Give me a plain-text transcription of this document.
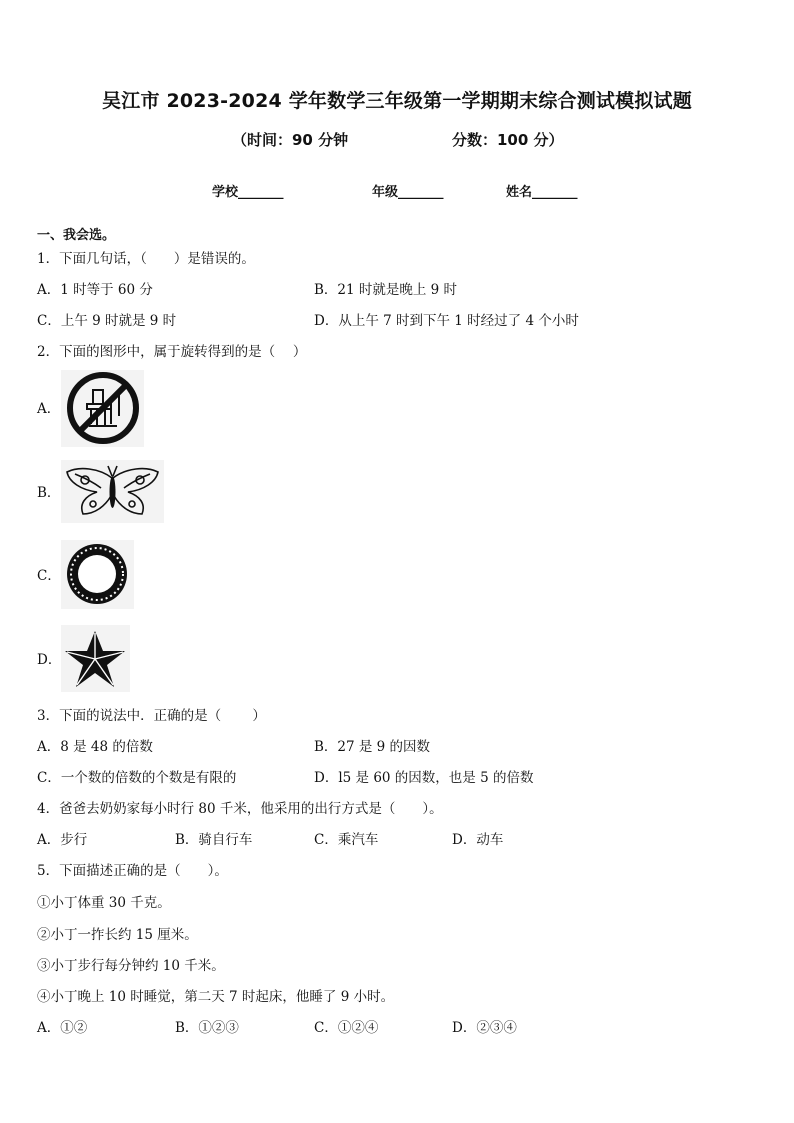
吴江市 2023-2024 学年数学三年级第一学期期末综合测试模拟试题
（时间：90 分钟	分数：100 分）
学校_______	年级_______	姓名_______
一、我会选。
1．下面几句话，（　　）是错误的。
A．1 时等于 60 分	B．21 时就是晚上 9 时
C．上午 9 时就是 9 时	D．从上午 7 时到下午 1 时经过了 4 个小时
2．下面的图形中，属于旋转得到的是（　 ）
A．
B．
C．
D．
3．下面的说法中．正确的是（　　 ）
A．8 是 48 的倍数	B．27 是 9 的因数
C．一个数的倍数的个数是有限的	D．l5 是 60 的因数，也是 5 的倍数
4．爸爸去奶奶家每小时行 80 千米，他采用的出行方式是（　　）。
A．步行	B．骑自行车	C．乘汽车	D．动车
5．下面描述正确的是（　　）。
①小丁体重 30 千克。
②小丁一拃长约 15 厘米。
③小丁步行每分钟约 10 千米。
④小丁晚上 10 时睡觉，第二天 7 时起床，他睡了 9 小时。
A．①②	B．①②③	C．①②④	D．②③④
